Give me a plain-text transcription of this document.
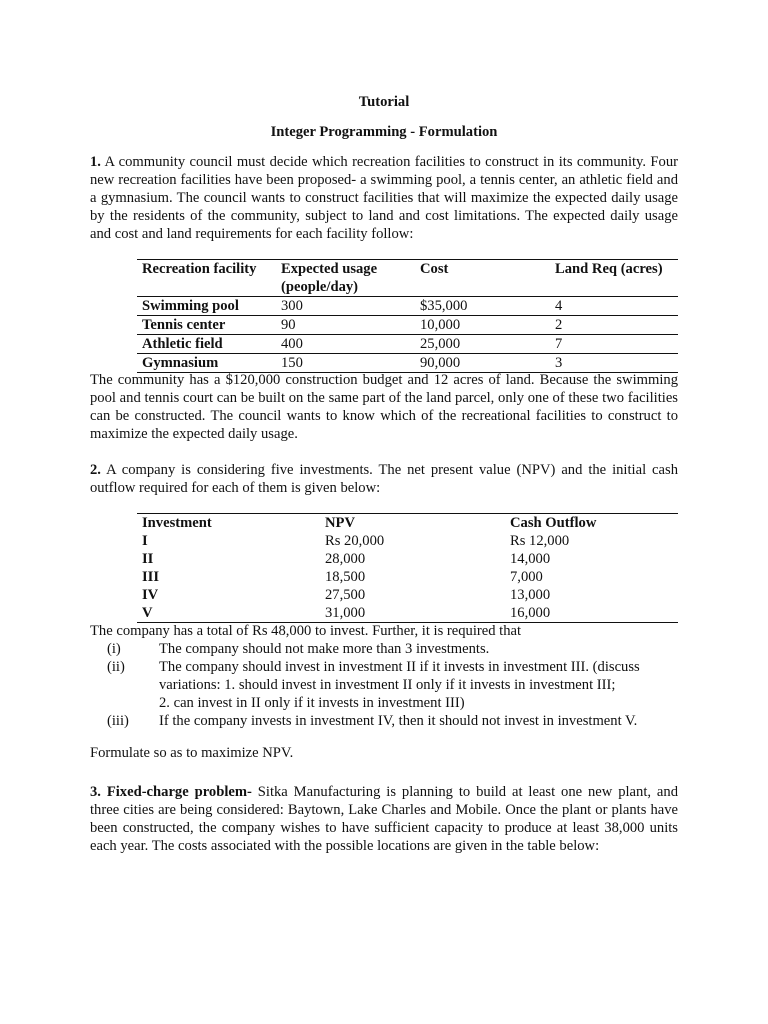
Tutorial
Integer Programming - Formulation
1. A community council must decide which recreation facilities to construct in its community. Four new recreation facilities have been proposed- a swimming pool, a tennis center, an athletic field and a gymnasium. The council wants to construct facilities that will maximize the expected daily usage by the residents of the community, subject to land and cost limitations. The expected daily usage and cost and land requirements for each facility follow:
Recreation facility	Expected usage (people/day)	Cost	Land Req (acres)
Swimming pool	300	$35,000	4
Tennis center	90	10,000	2
Athletic field	400	25,000	7
Gymnasium	150	90,000	3
The community has a $120,000 construction budget and 12 acres of land. Because the swimming pool and tennis court can be built on the same part of the land parcel, only one of these two facilities can be constructed. The council wants to know which of the recreational facilities to construct to maximize the expected daily usage.
2. A company is considering five investments. The net present value (NPV) and the initial cash outflow required for each of them is given below:
Investment	NPV	Cash Outflow
I	Rs 20,000	Rs 12,000
II	28,000	14,000
III	18,500	7,000
IV	27,500	13,000
V	31,000	16,000
The company has a total of Rs 48,000 to invest. Further, it is required that
(i)	The company should not make more than 3 investments.
(ii) The company should invest in investment II if it invests in investment III. (discuss
variations: 1. should invest in investment II only if it invests in investment III;
2. can invest in II only if it invests in investment III)
(iii) If the company invests in investment IV, then it should not invest in investment V.
Formulate so as to maximize NPV.
3. Fixed-charge problem- Sitka Manufacturing is planning to build at least one new plant, and three cities are being considered: Baytown, Lake Charles and Mobile. Once the plant or plants have been constructed, the company wishes to have sufficient capacity to produce at least 38,000 units each year. The costs associated with the possible locations are given in the table below:
